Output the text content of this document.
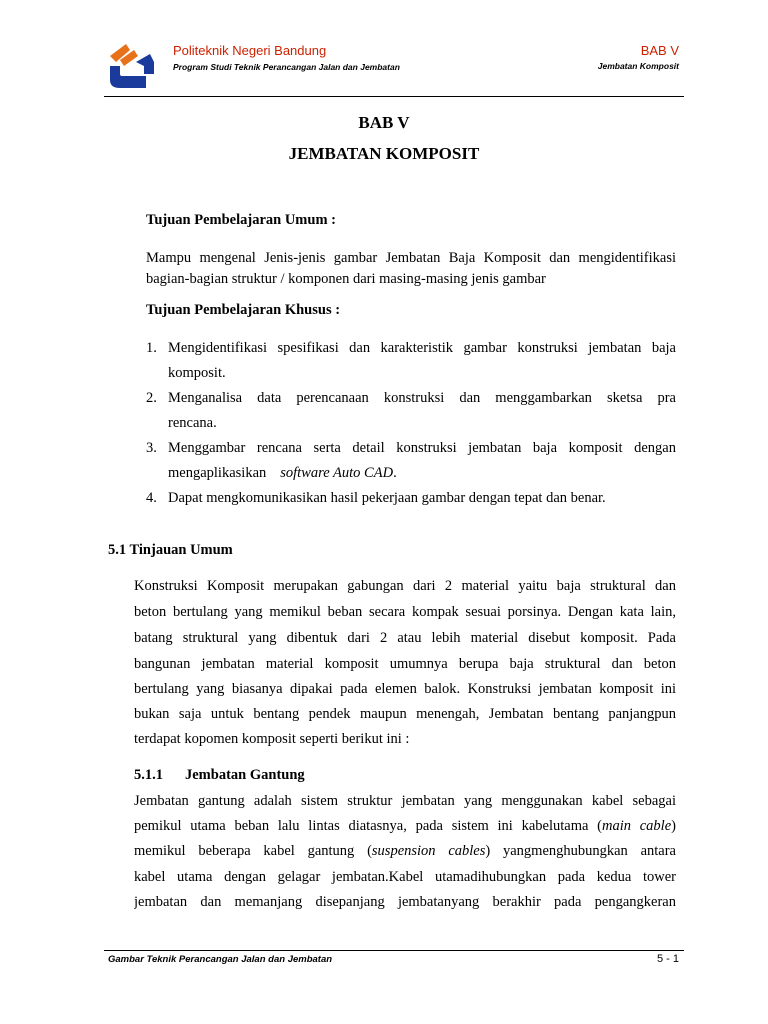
Politeknik Negeri Bandung
Program Studi Teknik Perancangan Jalan dan Jembatan
BAB V
Jembatan Komposit
BAB V
JEMBATAN KOMPOSIT
Tujuan Pembelajaran Umum :
Mampu mengenal Jenis-jenis gambar Jembatan Baja Komposit dan mengidentifikasi
bagian-bagian struktur / komponen dari masing-masing jenis gambar
Tujuan Pembelajaran Khusus :
1. Mengidentifikasi spesifikasi dan karakteristik gambar konstruksi jembatan baja
komposit.
2. Menganalisa data perencanaan konstruksi dan menggambarkan sketsa pra
rencana.
3. Menggambar rencana serta detail konstruksi jembatan baja komposit dengan
mengaplikasikan software Auto CAD.
4. Dapat mengkomunikasikan hasil pekerjaan gambar dengan tepat dan benar.
5.1 Tinjauan Umum
Konstruksi Komposit merupakan gabungan dari 2 material yaitu baja struktural dan
beton bertulang yang memikul beban secara kompak sesuai porsinya. Dengan kata lain,
batang struktural yang dibentuk dari 2 atau lebih material disebut komposit. Pada
bangunan jembatan material komposit umumnya berupa baja struktural dan beton
bertulang yang biasanya dipakai pada elemen balok. Konstruksi jembatan komposit ini
bukan saja untuk bentang pendek maupun menengah, Jembatan bentang panjangpun
terdapat kopomen komposit seperti berikut ini :
5.1.1 Jembatan Gantung
Jembatan gantung adalah sistem struktur jembatan yang menggunakan kabel sebagai
pemikul utama beban lalu lintas diatasnya, pada sistem ini kabelutama (main cable)
memikul beberapa kabel gantung (suspension cables) yangmenghubungkan antara
kabel utama dengan gelagar jembatan.Kabel utamadihubungkan pada kedua tower
jembatan dan memanjang disepanjang jembatanyang berakhir pada pengangkeran
Gambar Teknik Perancangan Jalan dan Jembatan	5 - 1
